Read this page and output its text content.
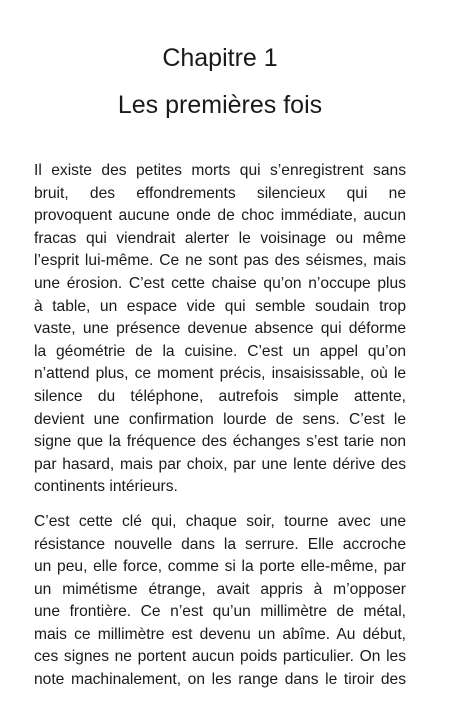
Chapitre 1
Les premières fois

Il existe des petites morts qui s’enregistrent sans
bruit, des effondrements silencieux qui ne
provoquent aucune onde de choc immédiate, aucun
fracas qui viendrait alerter le voisinage ou même
l’esprit lui-même. Ce ne sont pas des séismes, mais
une érosion. C’est cette chaise qu’on n’occupe plus
à table, un espace vide qui semble soudain trop
vaste, une présence devenue absence qui déforme
la géométrie de la cuisine. C’est un appel qu’on
n’attend plus, ce moment précis, insaisissable, où le
silence du téléphone, autrefois simple attente,
devient une confirmation lourde de sens. C’est le
signe que la fréquence des échanges s’est tarie non
par hasard, mais par choix, par une lente dérive des
continents intérieurs.

C’est cette clé qui, chaque soir, tourne avec une
résistance nouvelle dans la serrure. Elle accroche
un peu, elle force, comme si la porte elle-même, par
un mimétisme étrange, avait appris à m’opposer
une frontière. Ce n’est qu’un millimètre de métal,
mais ce millimètre est devenu un abîme. Au début,
ces signes ne portent aucun poids particulier. On les
note machinalement, on les range dans le tiroir des
